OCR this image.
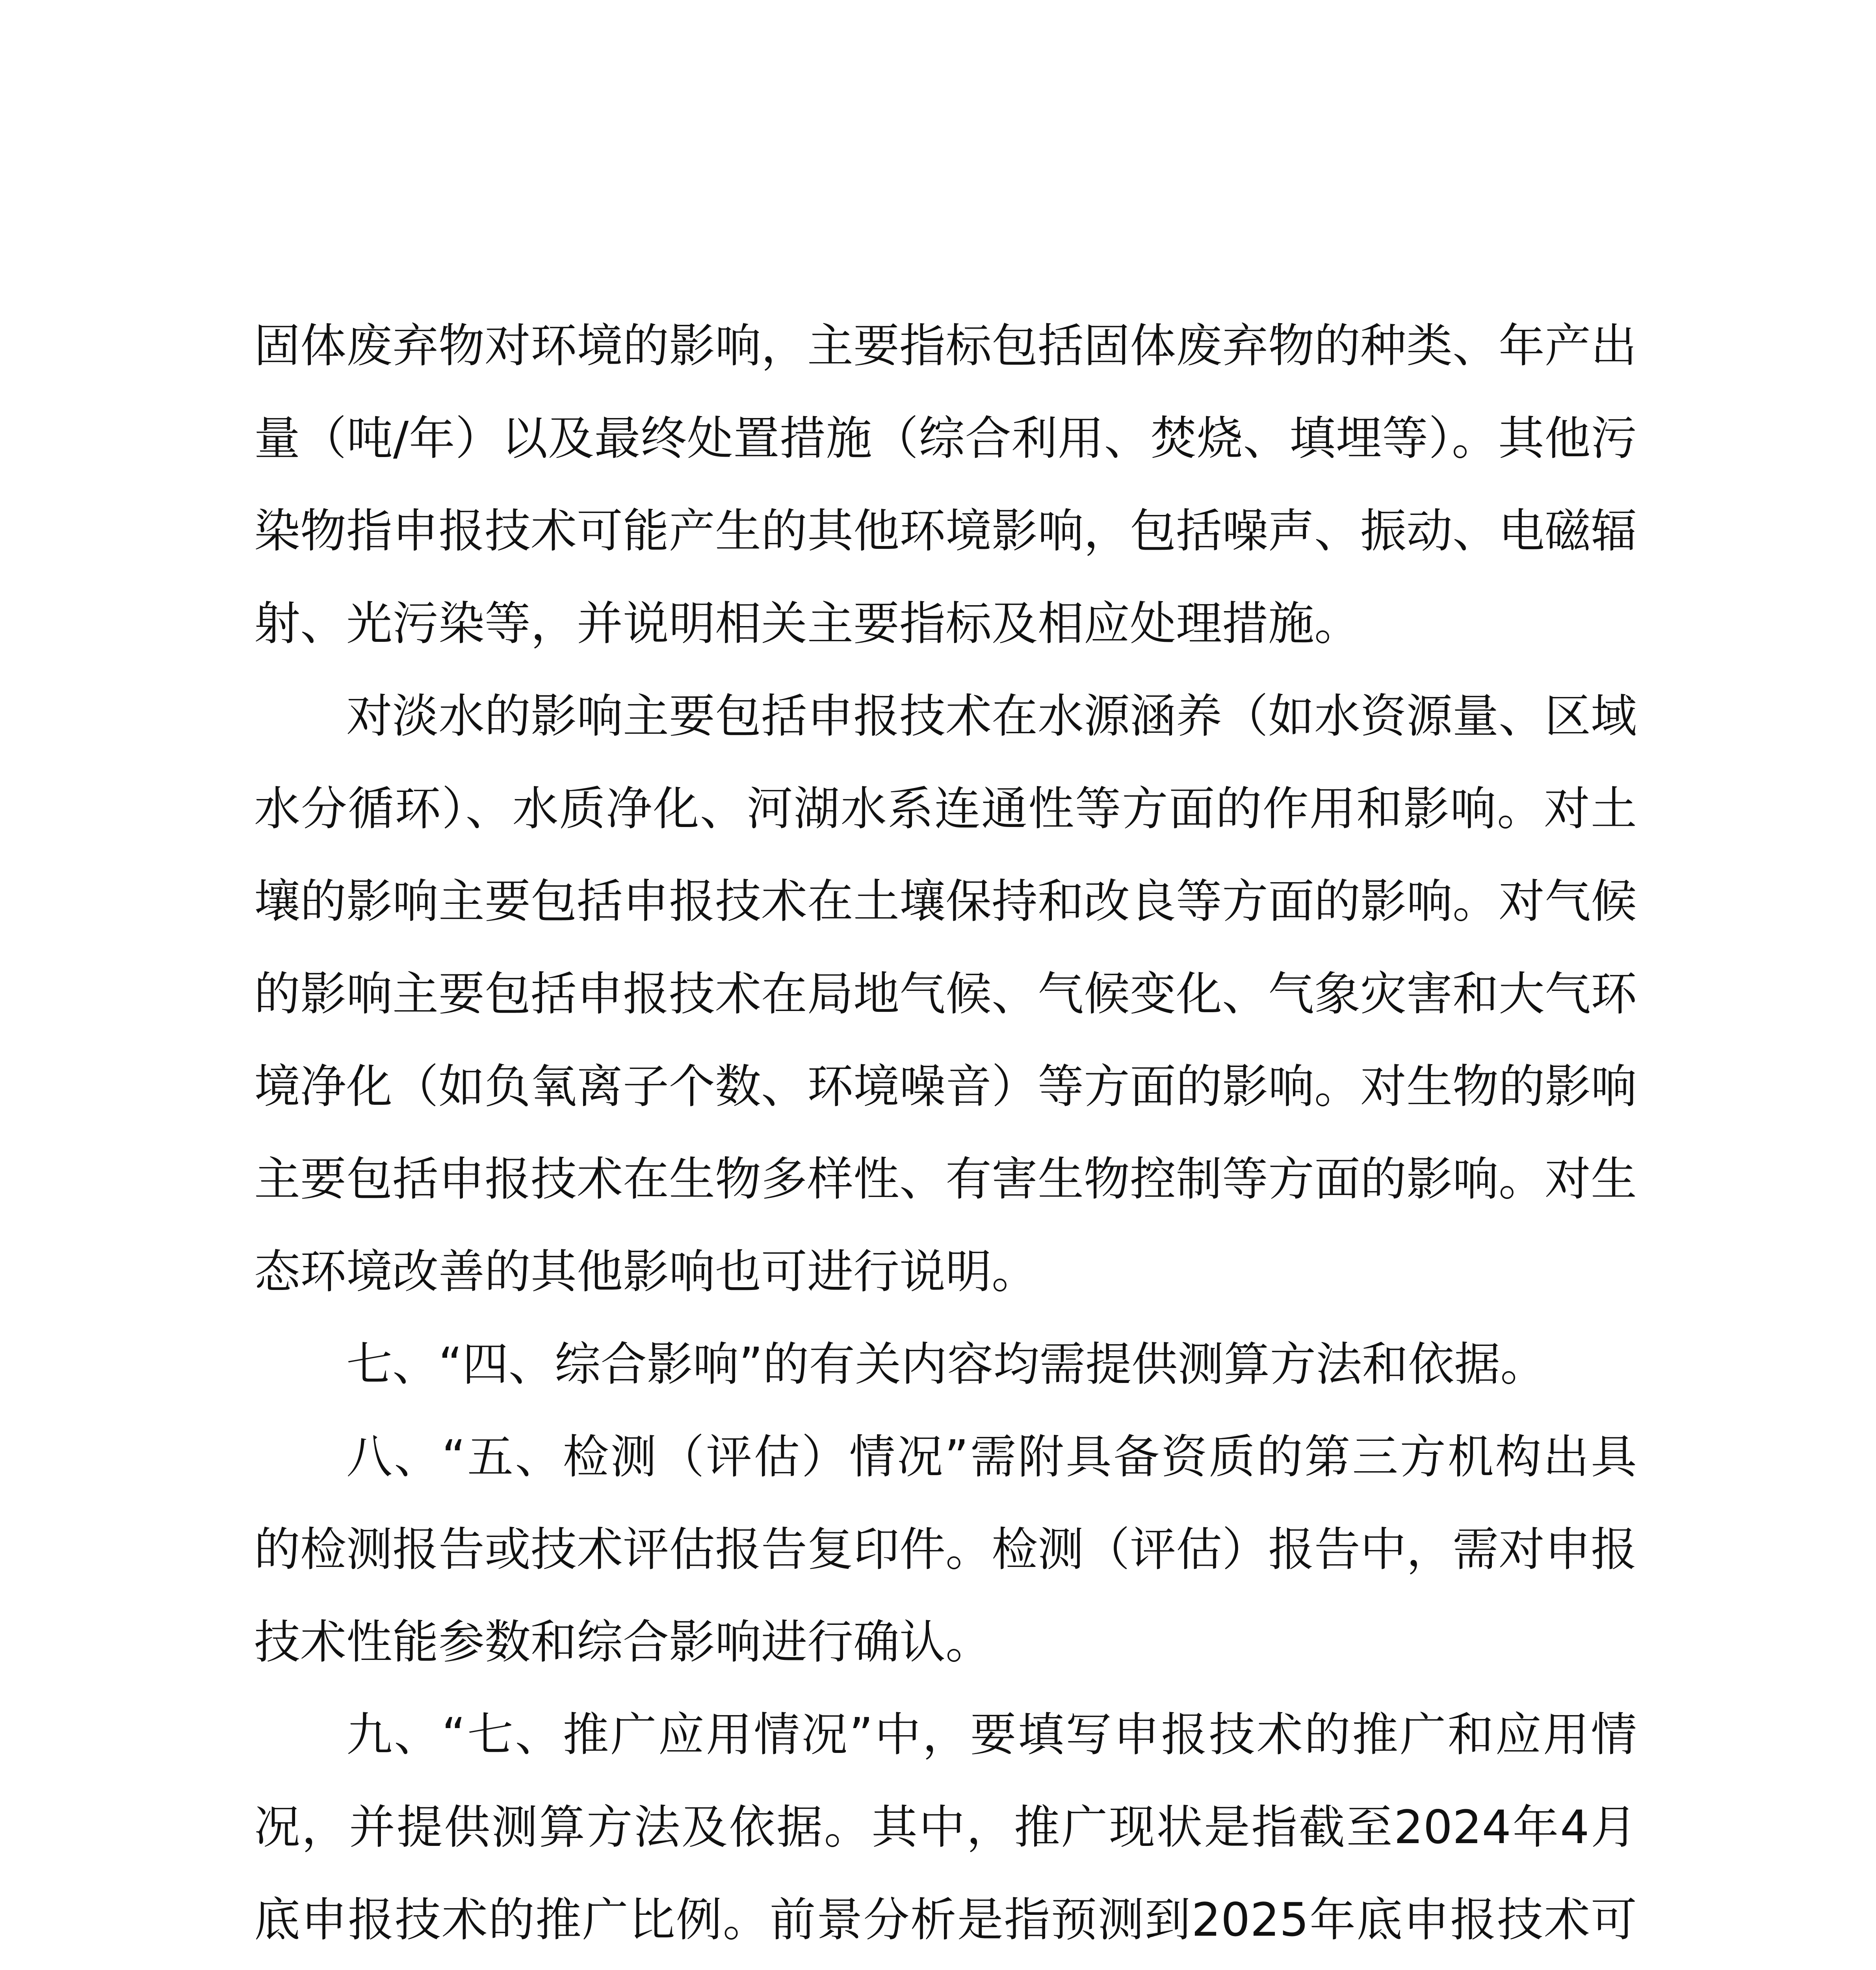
固体废弃物对环境的影响，主要指标包括固体废弃物的种类、年产出量（吨/年）以及最终处置措施（综合利用、焚烧、填埋等）。其他污染物指申报技术可能产生的其他环境影响，包括噪声、振动、电磁辐射、光污染等，并说明相关主要指标及相应处理措施。

对淡水的影响主要包括申报技术在水源涵养（如水资源量、区域水分循环）、水质净化、河湖水系连通性等方面的作用和影响。对土壤的影响主要包括申报技术在土壤保持和改良等方面的影响。对气候的影响主要包括申报技术在局地气候、气候变化、气象灾害和大气环境净化（如负氧离子个数、环境噪音）等方面的影响。对生物的影响主要包括申报技术在生物多样性、有害生物控制等方面的影响。对生态环境改善的其他影响也可进行说明。

七、“四、综合影响”的有关内容均需提供测算方法和依据。

八、“五、检测（评估）情况”需附具备资质的第三方机构出具的检测报告或技术评估报告复印件。检测（评估）报告中，需对申报技术性能参数和综合影响进行确认。

九、“七、推广应用情况”中，要填写申报技术的推广和应用情况，并提供测算方法及依据。其中，推广现状是指截至2024年4月底申报技术的推广比例。前景分析是指预测到2025年底申报技术可
